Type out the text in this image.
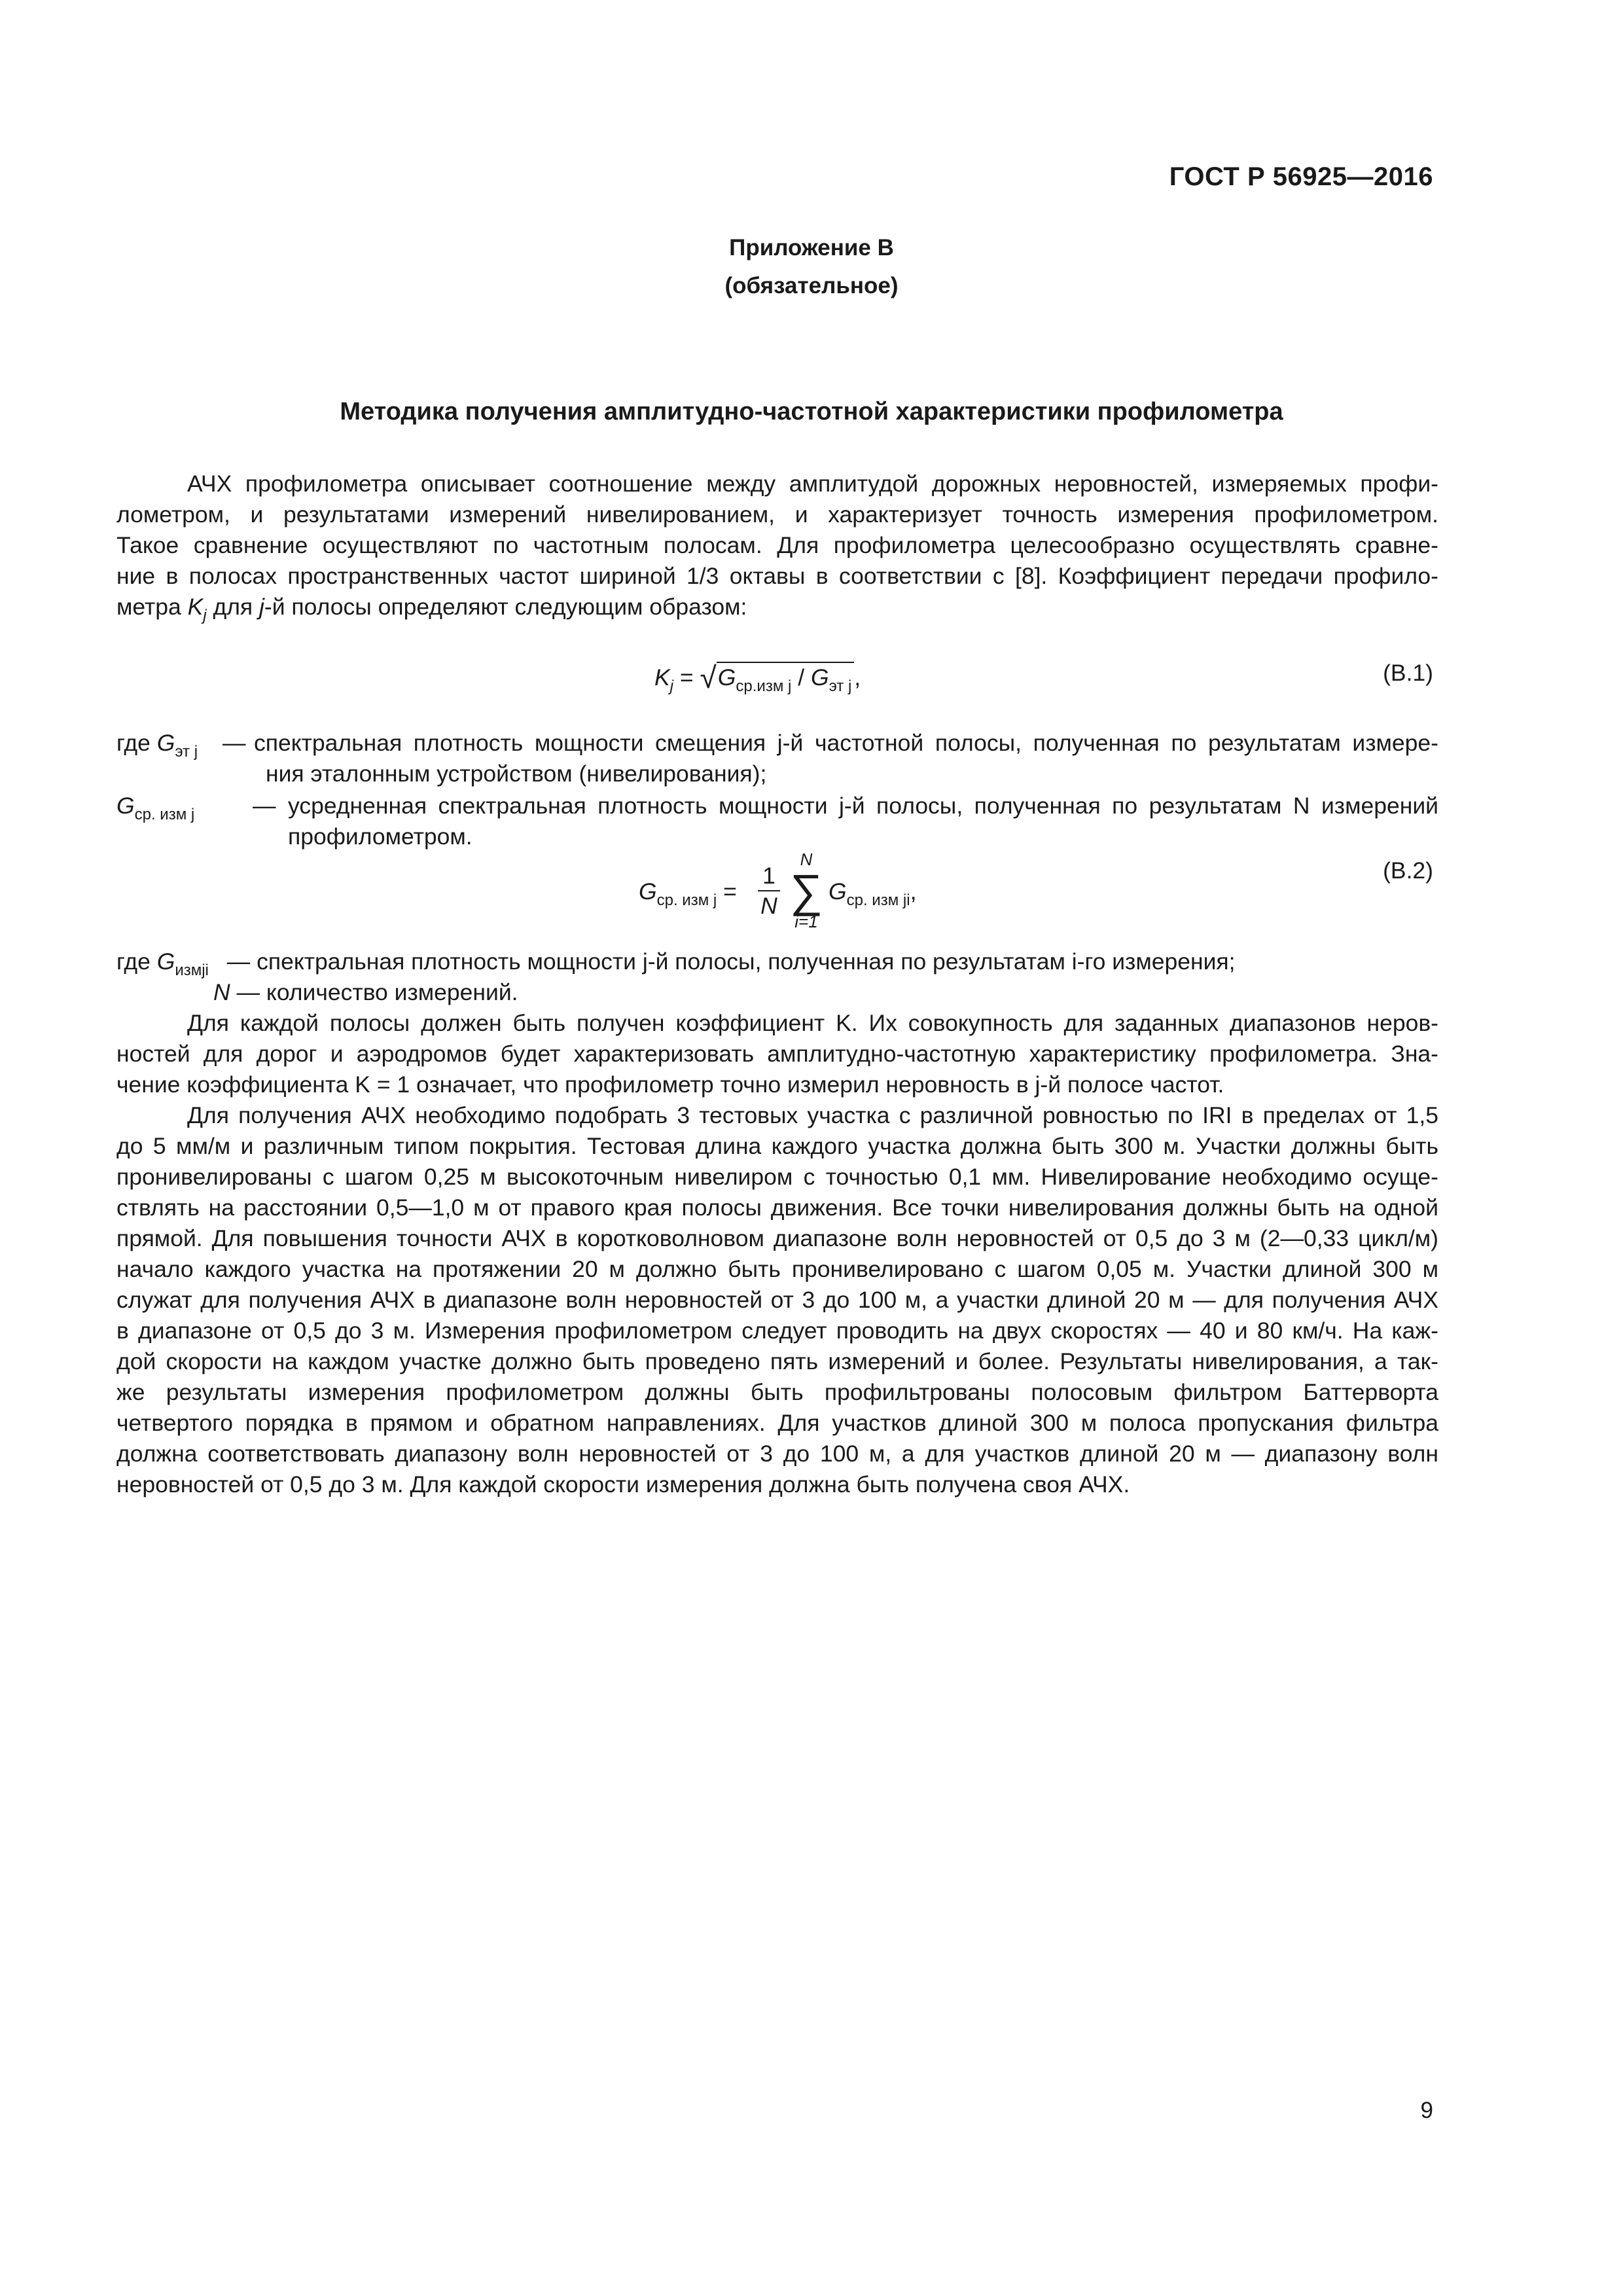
ГОСТ Р 56925—2016
Приложение В
(обязательное)
Методика получения амплитудно-частотной характеристики профилометра

АЧХ профилометра описывает соотношение между амплитудой дорожных неровностей, измеряемых профи-

лометром, и результатами измерений нивелированием, и характеризует точность измерения профилометром.

Такое сравнение осуществляют по частотным полосам. Для профилометра целесообразно осуществлять сравне-

ние в полосах пространственных частот шириной 1/3 октавы в соответствии с [8]. Коэффициент передачи профило-

метра $K_j$ для j-й полосы определяют следующим образом:

$K_j = √G_{ср.изм j} / G_{эт j}$ ,	(В.1)
где $G_{эт j}$	— спектральная плотность мощности смещения j-й частотной полосы, полученная по результатам измере-

ния эталонным устройством (нивелирования);

$G_{ср. изм j}$	— усредненная спектральная плотность мощности j-й полосы, полученная по результатам N измерений

профилометром.

$G_{ср. изм j} = \frac{1}{N}$
N
∑
i=1
$G_{ср. изм ji}$,
(В.2)
где $G_{измji}$ — спектральная плотность мощности j-й полосы, полученная по результатам i-го измерения;
N — количество измерений.

Для каждой полосы должен быть получен коэффициент K. Их совокупность для заданных диапазонов неров-

ностей для дорог и аэродромов будет характеризовать амплитудно-частотную характеристику профилометра. Зна-

чение коэффициента K = 1 означает, что профилометр точно измерил неровность в j-й полосе частот.

Для получения АЧХ необходимо подобрать 3 тестовых участка с различной ровностью по IRI в пределах от 1,5

до 5 мм/м и различным типом покрытия. Тестовая длина каждого участка должна быть 300 м. Участки должны быть

пронивелированы с шагом 0,25 м высокоточным нивелиром с точностью 0,1 мм. Нивелирование необходимо осуще-

ствлять на расстоянии 0,5—1,0 м от правого края полосы движения. Все точки нивелирования должны быть на одной

прямой. Для повышения точности АЧХ в коротковолновом диапазоне волн неровностей от 0,5 до 3 м (2—0,33 цикл/м)

начало каждого участка на протяжении 20 м должно быть пронивелировано с шагом 0,05 м. Участки длиной 300 м

служат для получения АЧХ в диапазоне волн неровностей от 3 до 100 м, а участки длиной 20 м — для получения АЧХ

в диапазоне от 0,5 до 3 м. Измерения профилометром следует проводить на двух скоростях — 40 и 80 км/ч. На каж-

дой скорости на каждом участке должно быть проведено пять измерений и более. Результаты нивелирования, а так-

же результаты измерения профилометром должны быть профильтрованы полосовым фильтром Баттерворта

четвертого порядка в прямом и обратном направлениях. Для участков длиной 300 м полоса пропускания фильтра

должна соответствовать диапазону волн неровностей от 3 до 100 м, а для участков длиной 20 м — диапазону волн

неровностей от 0,5 до 3 м. Для каждой скорости измерения должна быть получена своя АЧХ.

9
